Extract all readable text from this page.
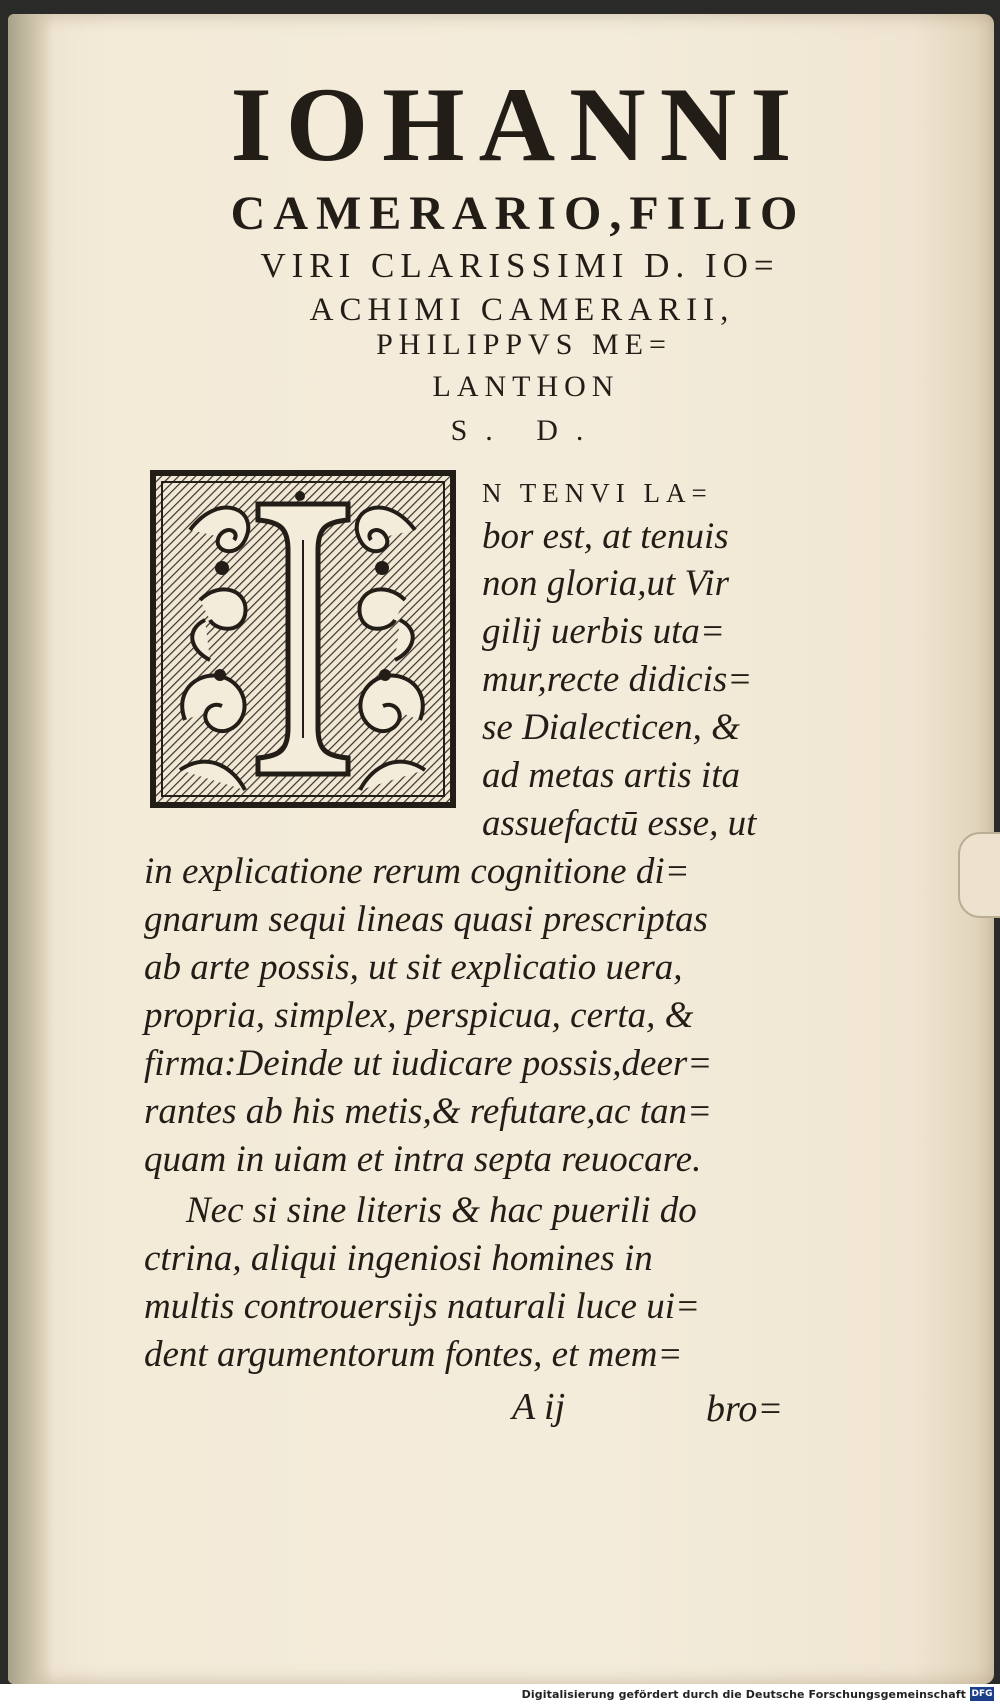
IOHANNI
CAMERARIO,FILIO

VIRI CLARISSIMI D. IO=

ACHIMI CAMERARII,

PHILIPPVS ME=

LANTHON

S. D.

N TENVI LA=

bor est, at tenuis

non gloria,ut Vir

gilij uerbis uta=

mur,recte didicis=

se Dialecticen, &

ad metas artis ita

assuefactū esse, ut

in explicatione rerum cognitione di=

gnarum sequi lineas quasi prescriptas

ab arte possis, ut sit explicatio uera,

propria, simplex, perspicua, certa, &

firma:Deinde ut iudicare possis,deer=

rantes ab his metis,& refutare,ac tan=

quam in uiam et intra septa reuocare.

Nec si sine literis & hac puerili do

ctrina, aliqui ingeniosi homines in

multis controuersijs naturali luce ui=

dent argumentorum fontes, et mem=

A ij	bro=

Digitalisierung gefördert durch die Deutsche Forschungsgemeinschaft DFG
